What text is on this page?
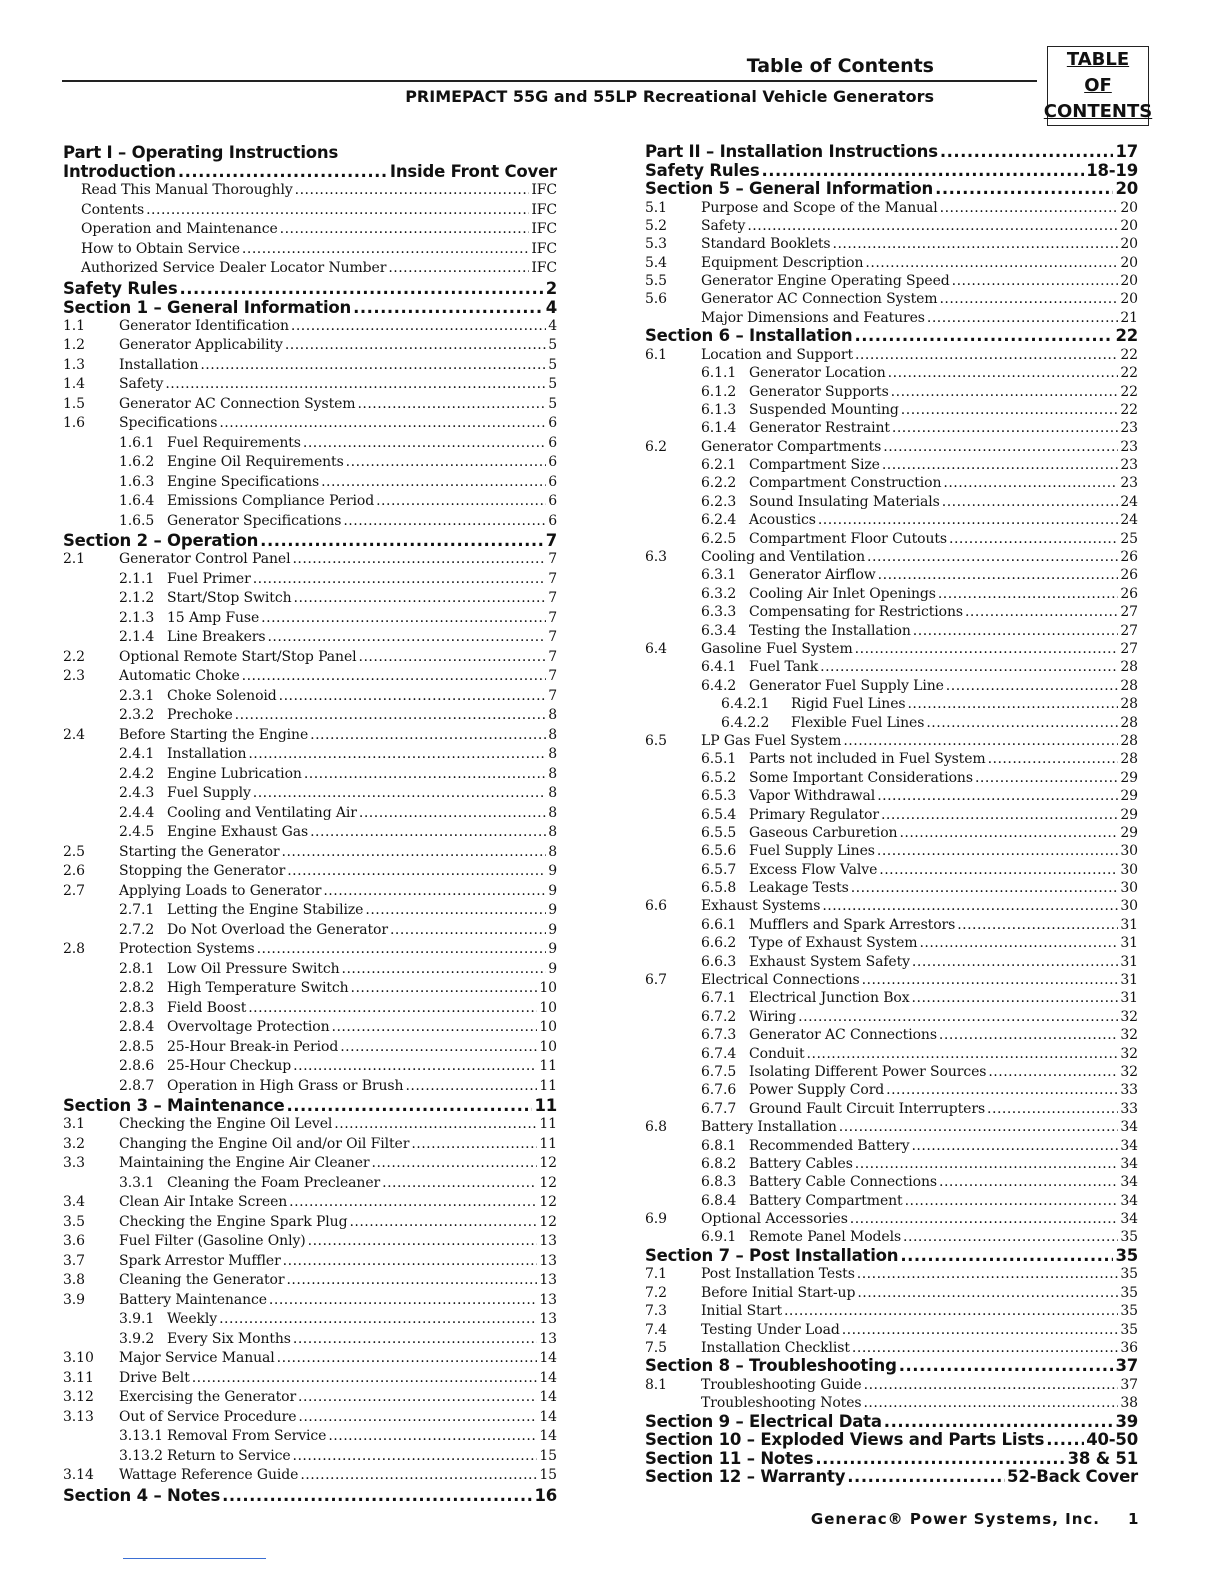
Table of Contents
PRIMEPACT 55G and 55LP Recreational Vehicle Generators
TABLE
OF
CONTENTS
Part I – Operating Instructions
Introduction .....	Inside Front Cover
Read This Manual Thoroughly .....	IFC
Contents .....	IFC
Operation and Maintenance .....	IFC
How to Obtain Service .....	IFC
Authorized Service Dealer Locator Number .....	IFC
Safety Rules .....	2
Section 1 – General Information .....	4
1.1	Generator Identification .....	4
1.2	Generator Applicability .....	5
1.3	Installation .....	5
1.4	Safety .....	5
1.5	Generator AC Connection System .....	5
1.6	Specifications .....	6
1.6.1 Fuel Requirements .....	6
1.6.2 Engine Oil Requirements .....	6
1.6.3 Engine Specifications .....	6
1.6.4 Emissions Compliance Period .....	6
1.6.5 Generator Specifications .....	6
Section 2 – Operation .....	7
2.1	Generator Control Panel .....	7
2.1.1 Fuel Primer .....	7
2.1.2 Start/Stop Switch .....	7
2.1.3 15 Amp Fuse .....	7
2.1.4 Line Breakers .....	7
2.2	Optional Remote Start/Stop Panel .....	7
2.3	Automatic Choke .....	7
2.3.1 Choke Solenoid .....	7
2.3.2 Prechoke .....	8
2.4	Before Starting the Engine .....	8
2.4.1 Installation .....	8
2.4.2 Engine Lubrication .....	8
2.4.3 Fuel Supply .....	8
2.4.4 Cooling and Ventilating Air .....	8
2.4.5 Engine Exhaust Gas .....	8
2.5	Starting the Generator .....	8
2.6	Stopping the Generator .....	9
2.7	Applying Loads to Generator .....	9
2.7.1 Letting the Engine Stabilize .....	9
2.7.2 Do Not Overload the Generator .....	9
2.8	Protection Systems .....	9
2.8.1 Low Oil Pressure Switch .....	9
2.8.2 High Temperature Switch .....	10
2.8.3 Field Boost .....	10
2.8.4 Overvoltage Protection .....	10
2.8.5 25-Hour Break-in Period .....	10
2.8.6 25-Hour Checkup .....	11
2.8.7 Operation in High Grass or Brush .....	11
Section 3 – Maintenance .....	11
3.1	Checking the Engine Oil Level .....	11
3.2	Changing the Engine Oil and/or Oil Filter .....	11
3.3	Maintaining the Engine Air Cleaner .....	12
3.3.1 Cleaning the Foam Precleaner .....	12
3.4	Clean Air Intake Screen .....	12
3.5	Checking the Engine Spark Plug .....	12
3.6	Fuel Filter (Gasoline Only) .....	13
3.7	Spark Arrestor Muffler .....	13
3.8	Cleaning the Generator .....	13
3.9	Battery Maintenance .....	13
3.9.1 Weekly .....	13
3.9.2 Every Six Months .....	13
3.10	Major Service Manual .....	14
3.11	Drive Belt .....	14
3.12	Exercising the Generator .....	14
3.13	Out of Service Procedure .....	14
3.13.1 Removal From Service .....	14
3.13.2 Return to Service .....	15
3.14	Wattage Reference Guide .....	15
Section 4 – Notes .....	16
Part II – Installation Instructions .....	17
Safety Rules .....	18-19
Section 5 – General Information .....	20
5.1	Purpose and Scope of the Manual .....	20
5.2	Safety .....	20
5.3	Standard Booklets .....	20
5.4	Equipment Description .....	20
5.5	Generator Engine Operating Speed .....	20
5.6	Generator AC Connection System .....	20
Major Dimensions and Features .....	21
Section 6 – Installation .....	22
6.1	Location and Support .....	22
6.1.1 Generator Location .....	22
6.1.2 Generator Supports .....	22
6.1.3 Suspended Mounting .....	22
6.1.4 Generator Restraint .....	23
6.2	Generator Compartments .....	23
6.2.1 Compartment Size .....	23
6.2.2 Compartment Construction .....	23
6.2.3 Sound Insulating Materials .....	24
6.2.4 Acoustics .....	24
6.2.5 Compartment Floor Cutouts .....	25
6.3	Cooling and Ventilation .....	26
6.3.1 Generator Airflow .....	26
6.3.2 Cooling Air Inlet Openings .....	26
6.3.3 Compensating for Restrictions .....	27
6.3.4 Testing the Installation .....	27
6.4	Gasoline Fuel System .....	27
6.4.1 Fuel Tank .....	28
6.4.2 Generator Fuel Supply Line .....	28
6.4.2.1	Rigid Fuel Lines .....	28
6.4.2.2	Flexible Fuel Lines .....	28
6.5	LP Gas Fuel System .....	28
6.5.1 Parts not included in Fuel System .....	28
6.5.2 Some Important Considerations .....	29
6.5.3 Vapor Withdrawal .....	29
6.5.4 Primary Regulator .....	29
6.5.5 Gaseous Carburetion .....	29
6.5.6 Fuel Supply Lines .....	30
6.5.7 Excess Flow Valve .....	30
6.5.8 Leakage Tests .....	30
6.6	Exhaust Systems .....	30
6.6.1 Mufflers and Spark Arrestors .....	31
6.6.2 Type of Exhaust System .....	31
6.6.3 Exhaust System Safety .....	31
6.7	Electrical Connections .....	31
6.7.1 Electrical Junction Box .....	31
6.7.2 Wiring .....	32
6.7.3 Generator AC Connections .....	32
6.7.4 Conduit .....	32
6.7.5 Isolating Different Power Sources .....	32
6.7.6 Power Supply Cord .....	33
6.7.7 Ground Fault Circuit Interrupters .....	33
6.8	Battery Installation .....	34
6.8.1 Recommended Battery .....	34
6.8.2 Battery Cables .....	34
6.8.3 Battery Cable Connections .....	34
6.8.4 Battery Compartment .....	34
6.9	Optional Accessories .....	34
6.9.1 Remote Panel Models .....	35
Section 7 – Post Installation .....	35
7.1	Post Installation Tests .....	35
7.2	Before Initial Start-up .....	35
7.3	Initial Start .....	35
7.4	Testing Under Load .....	35
7.5	Installation Checklist .....	36
Section 8 – Troubleshooting .....	37
8.1	Troubleshooting Guide .....	37
Troubleshooting Notes .....	38
Section 9 – Electrical Data .....	39
Section 10 – Exploded Views and Parts Lists .....	40-50
Section 11 – Notes .....	38 & 51
Section 12 – Warranty .....	52-Back Cover
Generac® Power Systems, Inc. 1
